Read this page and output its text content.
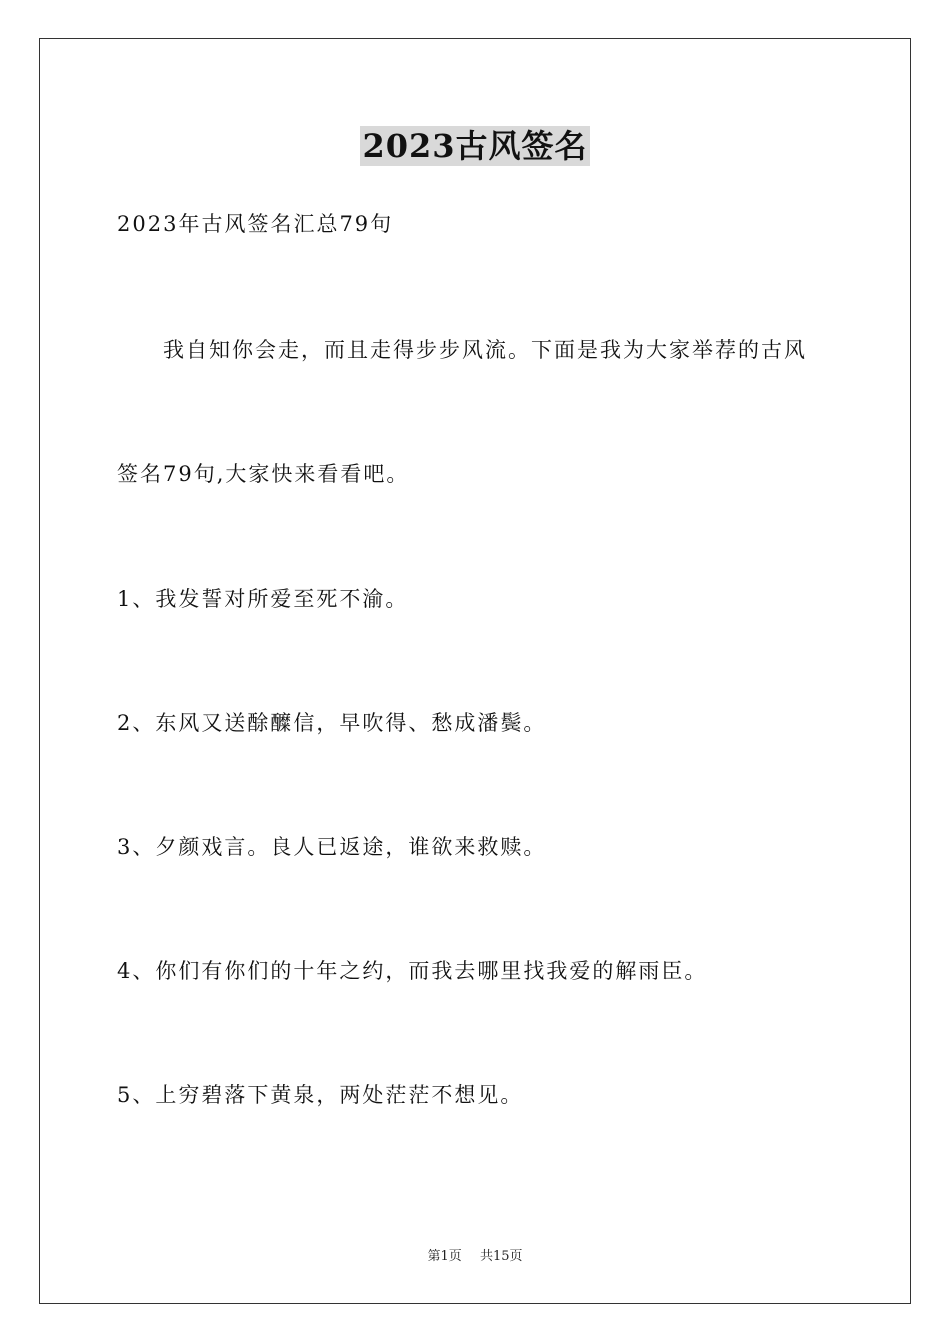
2023古风签名
2023年古风签名汇总79句
我自知你会走，而且走得步步风流。下面是我为大家举荐的古风
签名79句,大家快来看看吧。
1、我发誓对所爱至死不渝。
2、东风又送酴醾信，早吹得、愁成潘鬓。
3、夕颜戏言。良人已返途，谁欲来救赎。
4、你们有你们的十年之约，而我去哪里找我爱的解雨臣。
5、上穷碧落下黄泉，两处茫茫不想见。
第1页 共15页
